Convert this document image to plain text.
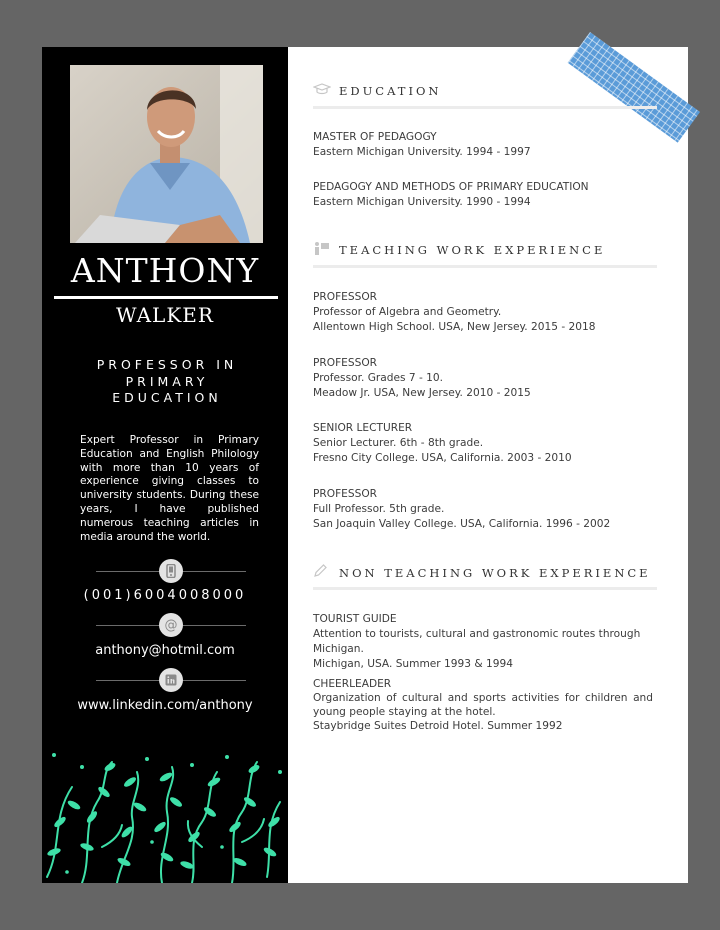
ANTHONY
WALKER
PROFESSOR IN
PRIMARY
EDUCATION
Expert Professor in Primary Education and English Philology with more than 10 years of experience giving classes to university students. During these years, I have published numerous teaching articles in media around the world.
(001)6004008000
@
anthony@hotmil.com
www.linkedin.com/anthony
EDUCATION
MASTER OF PEDAGOGY
Eastern Michigan University. 1994 - 1997
PEDAGOGY AND METHODS OF PRIMARY EDUCATION
Eastern Michigan University. 1990 - 1994
TEACHING WORK EXPERIENCE
PROFESSOR
Professor of Algebra and Geometry.
Allentown High School. USA, New Jersey. 2015 - 2018
PROFESSOR
Professor. Grades 7 - 10.
Meadow Jr. USA, New Jersey. 2010 - 2015
SENIOR LECTURER
Senior Lecturer. 6th - 8th grade.
Fresno City College. USA, California. 2003 - 2010
PROFESSOR
Full Professor. 5th grade.
San Joaquin Valley College. USA, California. 1996 - 2002
NON TEACHING WORK EXPERIENCE
TOURIST GUIDE
Attention to tourists, cultural and gastronomic routes through Michigan.
Michigan, USA. Summer 1993 & 1994
CHEERLEADER
Organization of cultural and sports activities for children and young people staying at the hotel.
Staybridge Suites Detroid Hotel. Summer 1992
